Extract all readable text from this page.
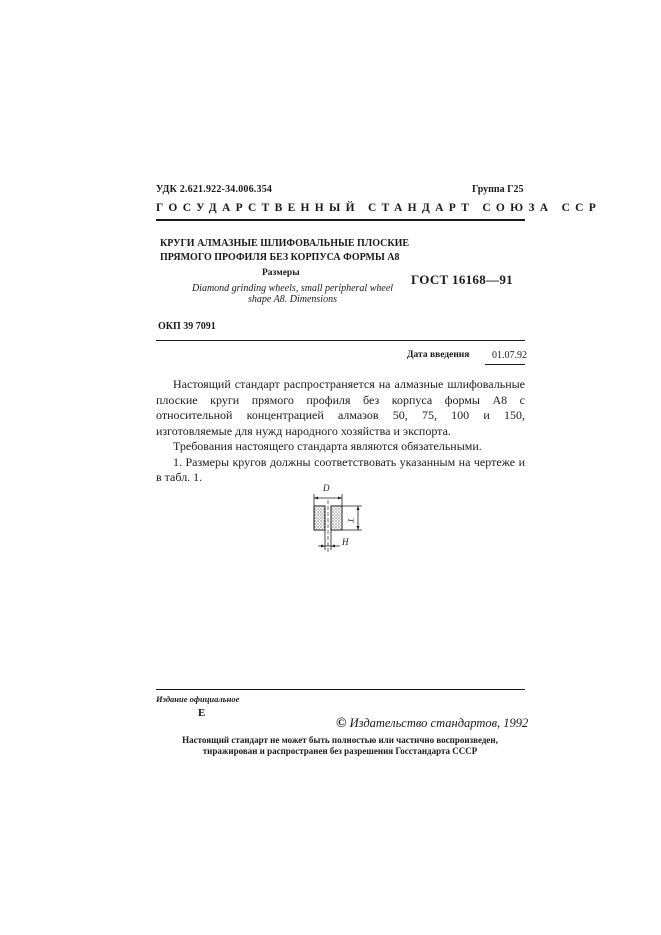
УДК 2.621.922-34.006.354	Группа Г25
ГОСУДАРСТВЕННЫЙ СТАНДАРТ СОЮЗА ССР
КРУГИ АЛМАЗНЫЕ ШЛИФОВАЛЬНЫЕ ПЛОСКИЕ
ПРЯМОГО ПРОФИЛЯ БЕЗ КОРПУСА ФОРМЫ А8
Размеры
Diamond grinding wheels, small peripheral wheel shape A8. Dimensions
ГОСТ 16168—91
ОКП 39 7091
Дата введения 01.07.92

Настоящий стандарт распространяется на алмазные шлифовальные плоские круги прямого профиля без корпуса формы А8 с относительной концентрацией алмазов 50, 75, 100 и 150, изготовляемые для нужд народного хозяйства и экспорта.

Требования настоящего стандарта являются обязательными.

1. Размеры кругов должны соответствовать указанным на чертеже и в табл. 1.

D
T
H
Издание официальное
Е
© Издательство стандартов, 1992
Настоящий стандарт не может быть полностью или частично воспроизведен, тиражирован и распространен без разрешения Госстандарта СССР
